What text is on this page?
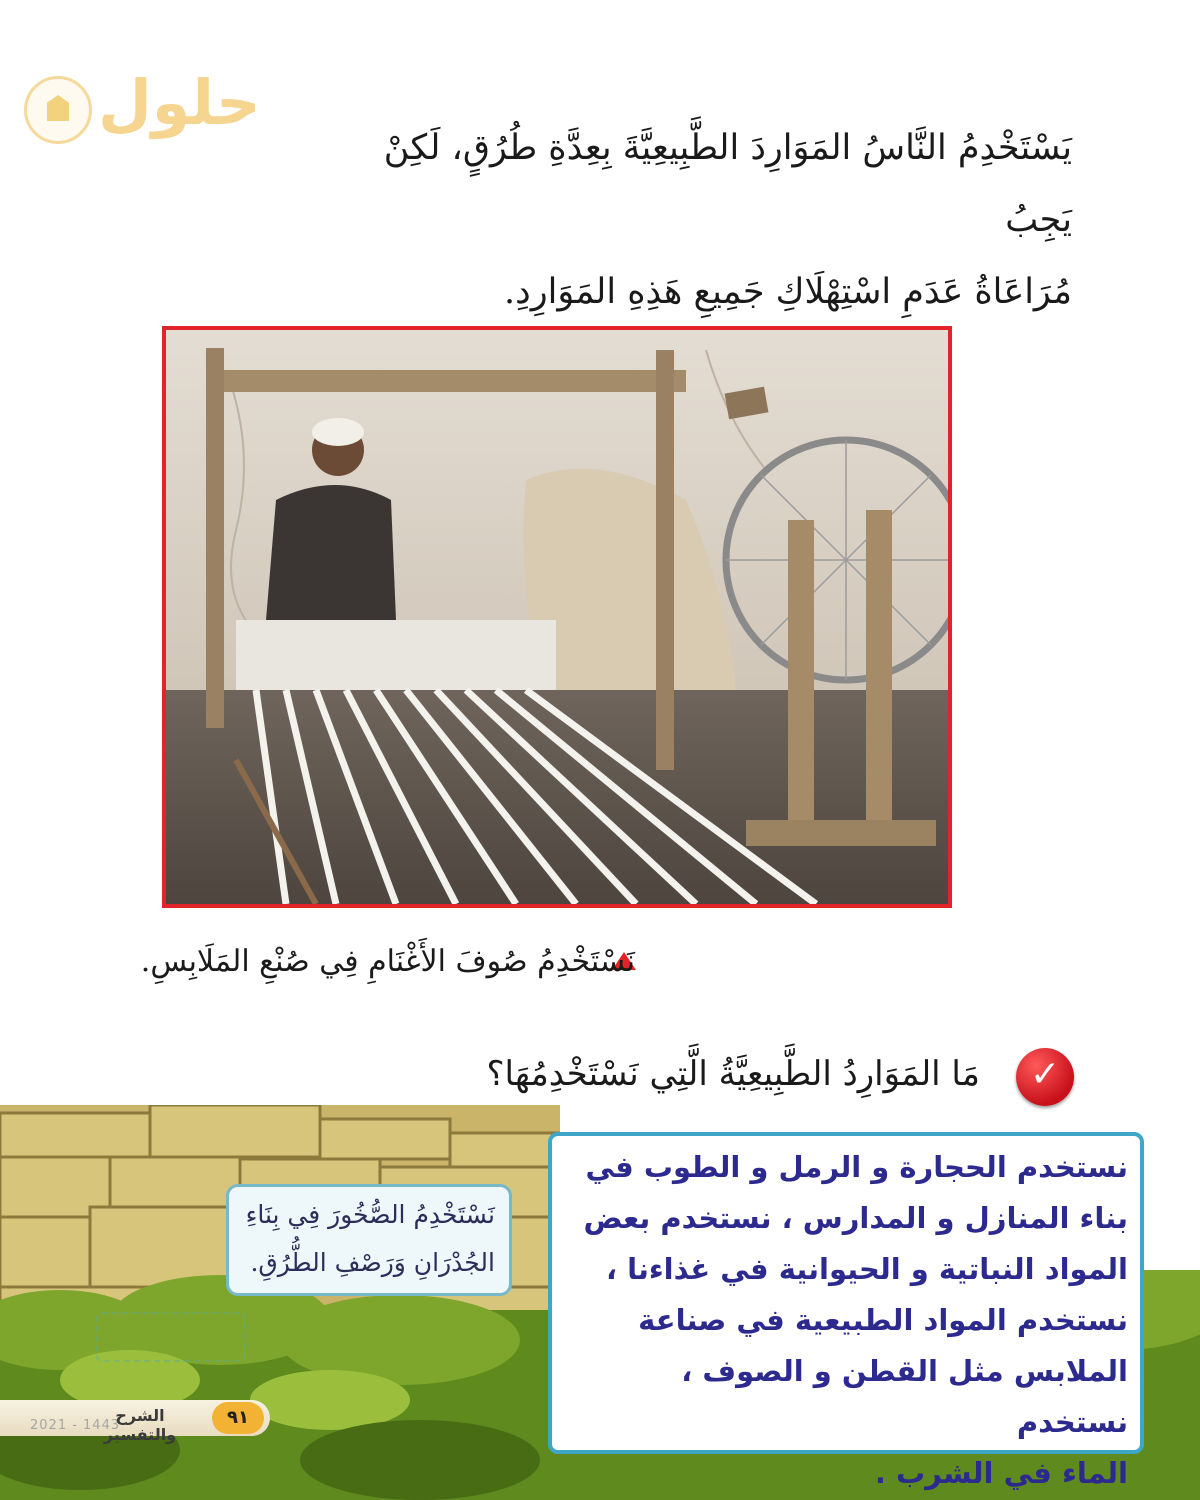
حلول
يَسْتَخْدِمُ النَّاسُ المَوَارِدَ الطَّبِيعِيَّةَ بِعِدَّةِ طُرُقٍ، لَكِنْ يَجِبُ
مُرَاعَاةُ عَدَمِ اسْتِهْلَاكِ جَمِيعِ هَذِهِ المَوَارِدِ.
نَسْتَخْدِمُ صُوفَ الأَغْنَامِ فِي صُنْعِ المَلَابِسِ.
✓
مَا المَوَارِدُ الطَّبِيعِيَّةُ الَّتِي نَسْتَخْدِمُهَا؟
نَسْتَخْدِمُ الصُّخُورَ فِي بِنَاءِ
الجُدْرَانِ وَرَصْفِ الطُّرُقِ.
نستخدم الحجارة و الرمل و الطوب في
بناء المنازل و المدارس ، نستخدم بعض
المواد النباتية و الحيوانية في غذاءنا ،
نستخدم المواد الطبيعية في صناعة
الملابس مثل القطن و الصوف ، نستخدم
الماء في الشرب .
2021 - 1443
الشرح والتفسير
٩١
